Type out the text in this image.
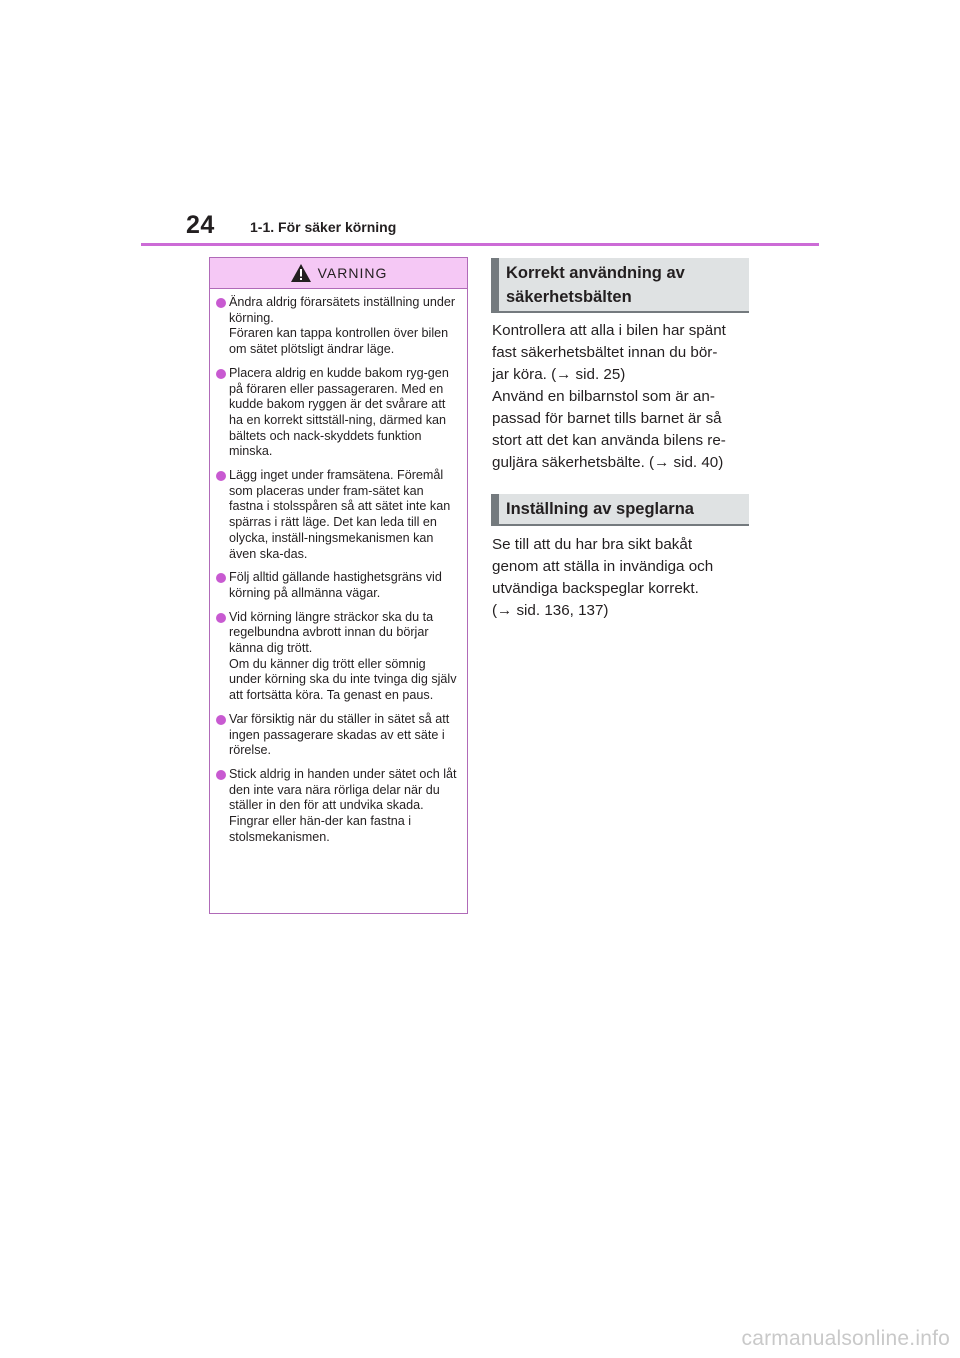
24	1-1. För säker körning
VARNING
Ändra aldrig förarsätets inställning under körning.
Föraren kan tappa kontrollen över bilen om sätet plötsligt ändrar läge.
Placera aldrig en kudde bakom ryg-gen på föraren eller passageraren. Med en kudde bakom ryggen är det svårare att ha en korrekt sittställ-ning, därmed kan bältets och nack-skyddets funktion minska.
Lägg inget under framsätena. Föremål som placeras under fram-sätet kan fastna i stolsspåren så att sätet inte kan spärras i rätt läge. Det kan leda till en olycka, inställ-ningsmekanismen kan även ska-das.
Följ alltid gällande hastighetsgräns vid körning på allmänna vägar.
Vid körning längre sträckor ska du ta regelbundna avbrott innan du börjar känna dig trött.
Om du känner dig trött eller sömnig under körning ska du inte tvinga dig själv att fortsätta köra. Ta genast en paus.
Var försiktig när du ställer in sätet så att ingen passagerare skadas av ett säte i rörelse.
Stick aldrig in handen under sätet och låt den inte vara nära rörliga delar när du ställer in den för att undvika skada. Fingrar eller hän-der kan fastna i stolsmekanismen.
Korrekt användning av
säkerhetsbälten
Kontrollera att alla i bilen har spänt
fast säkerhetsbältet innan du bör-
jar köra. (→ sid. 25)
Använd en bilbarnstol som är an-
passad för barnet tills barnet är så
stort att det kan använda bilens re-
guljära säkerhetsbälte. (→ sid. 40)
Inställning av speglarna
Se till att du har bra sikt bakåt
genom att ställa in invändiga och
utvändiga backspeglar korrekt.
(→ sid. 136, 137)
carmanualsonline.info
